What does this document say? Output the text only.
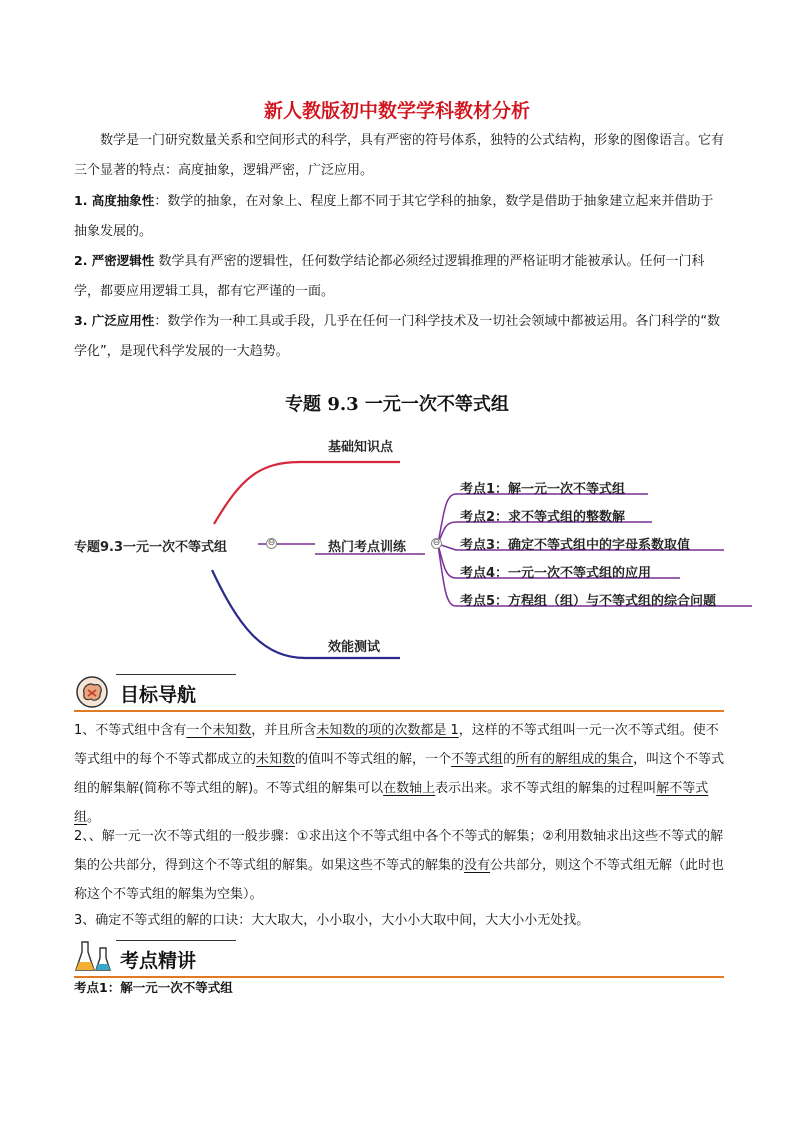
新人教版初中数学学科教材分析
数学是一门研究数量关系和空间形式的科学，具有严密的符号体系，独特的公式结构，形象的图像语言。它有三个显著的特点：高度抽象，逻辑严密，广泛应用。
1. 高度抽象性：数学的抽象，在对象上、程度上都不同于其它学科的抽象，数学是借助于抽象建立起来并借助于抽象发展的。
2. 严密逻辑性 数学具有严密的逻辑性，任何数学结论都必须经过逻辑推理的严格证明才能被承认。任何一门科学，都要应用逻辑工具，都有它严谨的一面。
3. 广泛应用性：数学作为一种工具或手段，几乎在任何一门科学技术及一切社会领域中都被运用。各门科学的“数学化”，是现代科学发展的一大趋势。
专题 9.3 一元一次不等式组
专题9.3一元一次不等式组	⊖
基础知识点
热门考点训练	⊖
效能测试
考点1：解一元一次不等式组
考点2：求不等式组的整数解
考点3：确定不等式组中的字母系数取值
考点4：一元一次不等式组的应用
考点5：方程组（组）与不等式组的综合问题
目标导航
1、不等式组中含有一个未知数，并且所含未知数的项的次数都是 1，这样的不等式组叫一元一次不等式组。使不等式组中的每个不等式都成立的未知数的值叫不等式组的解，一个不等式组的所有的解组成的集合，叫这个不等式组的解集解(简称不等式组的解)。不等式组的解集可以在数轴上表示出来。求不等式组的解集的过程叫解不等式组。
2、、解一元一次不等式组的一般步骤：①求出这个不等式组中各个不等式的解集；②利用数轴求出这些不等式的解集的公共部分，得到这个不等式组的解集。如果这些不等式的解集的没有公共部分，则这个不等式组无解（此时也称这个不等式组的解集为空集）。
3、确定不等式组的解的口诀：大大取大，小小取小，大小小大取中间，大大小小无处找。
考点精讲
考点1：解一元一次不等式组
